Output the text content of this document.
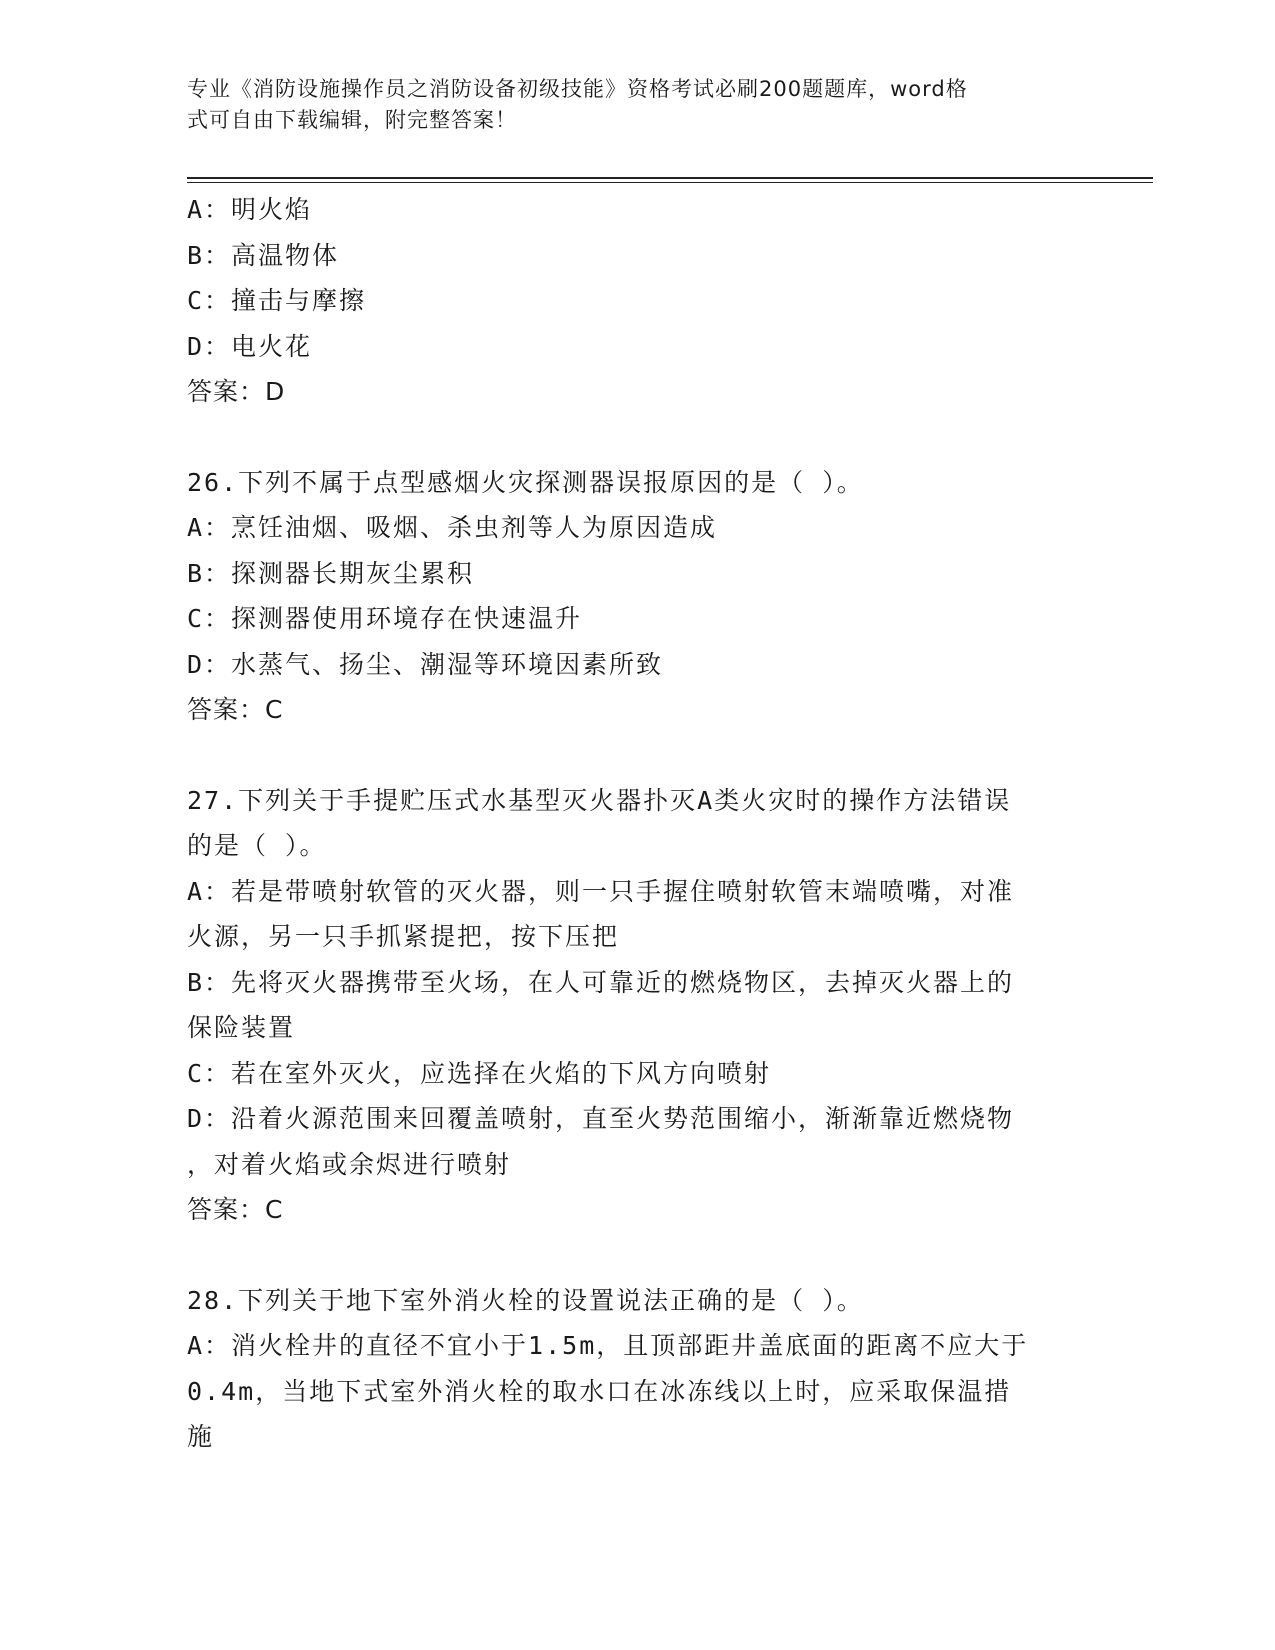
专业《消防设施操作员之消防设备初级技能》资格考试必刷200题题库，word格
式可自由下载编辑，附完整答案！
A：明火焰
B：高温物体
C：撞击与摩擦
D：电火花
答案：D
26.下列不属于点型感烟火灾探测器误报原因的是（ ）。
A：烹饪油烟、吸烟、杀虫剂等人为原因造成
B：探测器长期灰尘累积
C：探测器使用环境存在快速温升
D：水蒸气、扬尘、潮湿等环境因素所致
答案：C
27.下列关于手提贮压式水基型灭火器扑灭A类火灾时的操作方法错误
的是（ ）。
A：若是带喷射软管的灭火器，则一只手握住喷射软管末端喷嘴，对准
火源，另一只手抓紧提把，按下压把
B：先将灭火器携带至火场，在人可靠近的燃烧物区，去掉灭火器上的
保险装置
C：若在室外灭火，应选择在火焰的下风方向喷射
D：沿着火源范围来回覆盖喷射，直至火势范围缩小，渐渐靠近燃烧物
，对着火焰或余烬进行喷射
答案：C
28.下列关于地下室外消火栓的设置说法正确的是（ ）。
A：消火栓井的直径不宜小于1.5m，且顶部距井盖底面的距离不应大于
0.4m，当地下式室外消火栓的取水口在冰冻线以上时，应采取保温措
施
